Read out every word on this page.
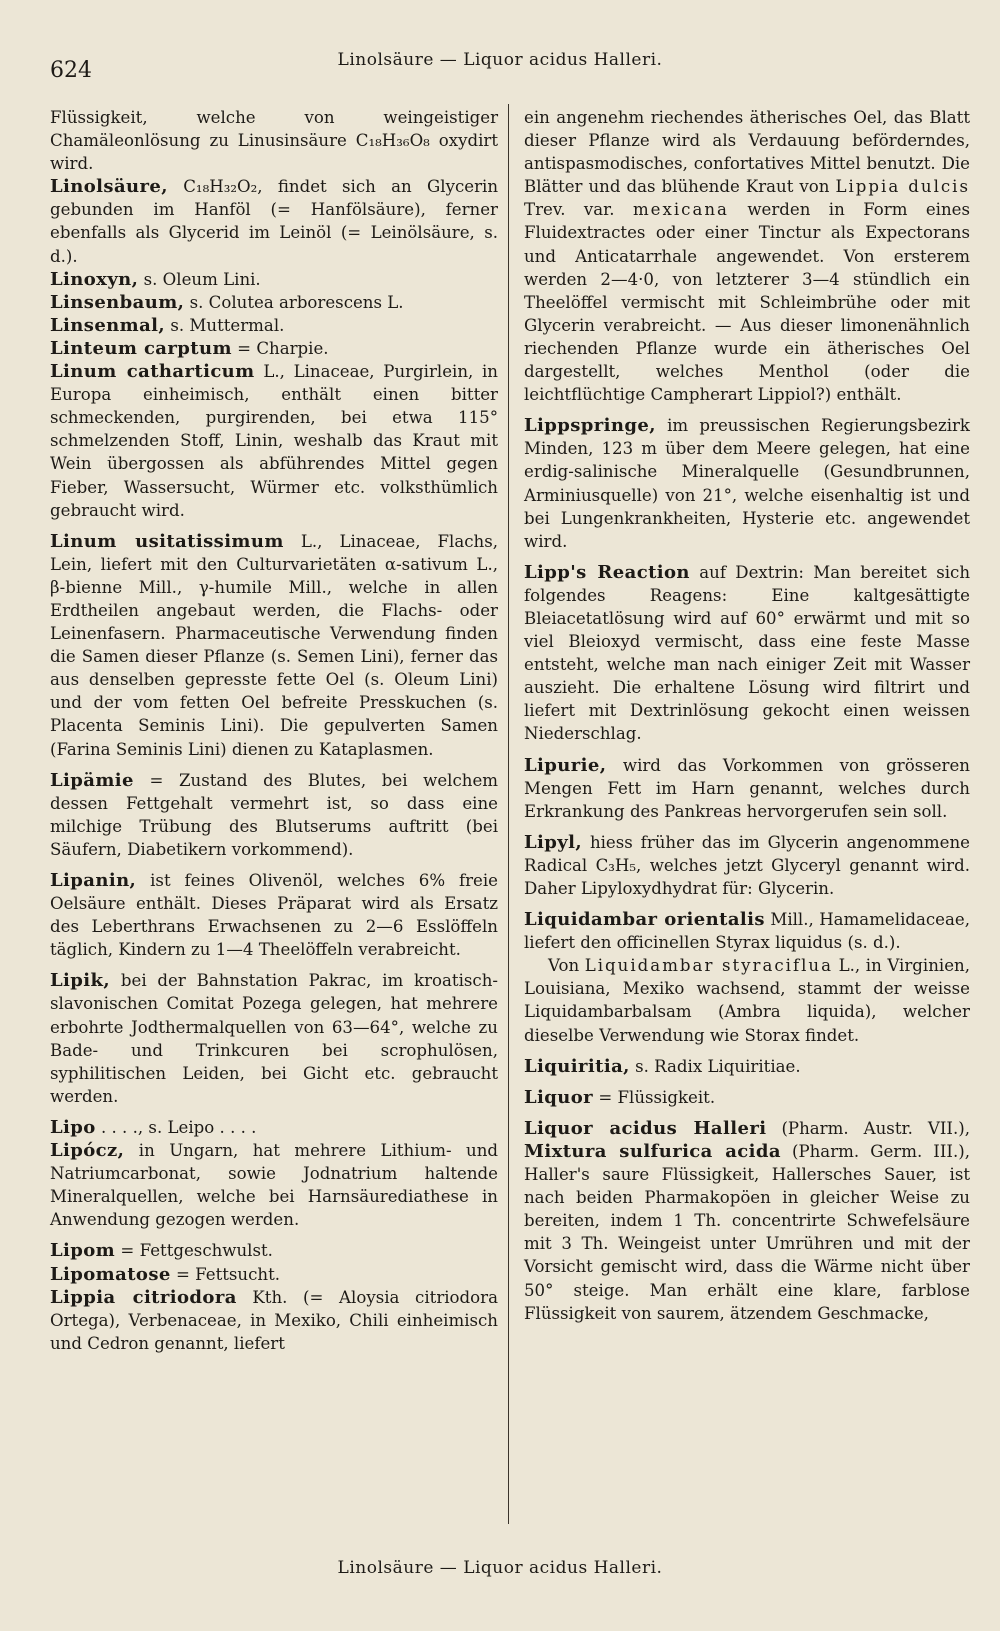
624	Linolsäure — Liquor acidus Halleri.

Flüssigkeit, welche von weingeistiger Chamäleonlösung zu Linusinsäure C₁₈H₃₆O₈ oxydirt wird.

Linolsäure, C₁₈H₃₂O₂, findet sich an Glycerin gebunden im Hanföl (= Hanfölsäure), ferner ebenfalls als Glycerid im Leinöl (= Leinölsäure, s. d.).

Linoxyn, s. Oleum Lini.

Linsenbaum, s. Colutea arborescens L.

Linsenmal, s. Muttermal.

Linteum carptum = Charpie.

Linum catharticum L., Linaceae, Purgirlein, in Europa einheimisch, enthält einen bitter schmeckenden, purgirenden, bei etwa 115° schmelzenden Stoff, Linin, weshalb das Kraut mit Wein übergossen als abführendes Mittel gegen Fieber, Wassersucht, Würmer etc. volksthümlich gebraucht wird.

Linum usitatissimum L., Linaceae, Flachs, Lein, liefert mit den Culturvarietäten α-sativum L., β-bienne Mill., γ-humile Mill., welche in allen Erdtheilen angebaut werden, die Flachs- oder Leinenfasern. Pharmaceutische Verwendung finden die Samen dieser Pflanze (s. Semen Lini), ferner das aus denselben gepresste fette Oel (s. Oleum Lini) und der vom fetten Oel befreite Presskuchen (s. Placenta Seminis Lini). Die gepulverten Samen (Farina Seminis Lini) dienen zu Kataplasmen.

Lipämie = Zustand des Blutes, bei welchem dessen Fettgehalt vermehrt ist, so dass eine milchige Trübung des Blutserums auftritt (bei Säufern, Diabetikern vorkommend).

Lipanin, ist feines Olivenöl, welches 6% freie Oelsäure enthält. Dieses Präparat wird als Ersatz des Leberthrans Erwachsenen zu 2—6 Esslöffeln täglich, Kindern zu 1—4 Theelöffeln verabreicht.

Lipik, bei der Bahnstation Pakrac, im kroatisch-slavonischen Comitat Pozega gelegen, hat mehrere erbohrte Jodthermalquellen von 63—64°, welche zu Bade- und Trinkcuren bei scrophulösen, syphilitischen Leiden, bei Gicht etc. gebraucht werden.

Lipo . . . ., s. Leipo . . . .

Lipócz, in Ungarn, hat mehrere Lithium- und Natriumcarbonat, sowie Jodnatrium haltende Mineralquellen, welche bei Harnsäurediathese in Anwendung gezogen werden.

Lipom = Fettgeschwulst.

Lipomatose = Fettsucht.

Lippia citriodora Kth. (= Aloysia citriodora Ortega), Verbenaceae, in Mexiko, Chili einheimisch und Cedron genannt, liefert

ein angenehm riechendes ätherisches Oel, das Blatt dieser Pflanze wird als Verdauung beförderndes, antispasmodisches, confortatives Mittel benutzt. Die Blätter und das blühende Kraut von Lippia dulcis Trev. var. mexicana werden in Form eines Fluidextractes oder einer Tinctur als Expectorans und Anticatarrhale angewendet. Von ersterem werden 2—4·0, von letzterer 3—4 stündlich ein Theelöffel vermischt mit Schleimbrühe oder mit Glycerin verabreicht. — Aus dieser limonenähnlich riechenden Pflanze wurde ein ätherisches Oel dargestellt, welches Menthol (oder die leichtflüchtige Campherart Lippiol?) enthält.

Lippspringe, im preussischen Regierungsbezirk Minden, 123 m über dem Meere gelegen, hat eine erdig-salinische Mineralquelle (Gesundbrunnen, Arminiusquelle) von 21°, welche eisenhaltig ist und bei Lungenkrankheiten, Hysterie etc. angewendet wird.

Lipp's Reaction auf Dextrin: Man bereitet sich folgendes Reagens: Eine kaltgesättigte Bleiacetatlösung wird auf 60° erwärmt und mit so viel Bleioxyd vermischt, dass eine feste Masse entsteht, welche man nach einiger Zeit mit Wasser auszieht. Die erhaltene Lösung wird filtrirt und liefert mit Dextrinlösung gekocht einen weissen Niederschlag.

Lipurie, wird das Vorkommen von grösseren Mengen Fett im Harn genannt, welches durch Erkrankung des Pankreas hervorgerufen sein soll.

Lipyl, hiess früher das im Glycerin angenommene Radical C₃H₅, welches jetzt Glyceryl genannt wird. Daher Lipyloxydhydrat für: Glycerin.

Liquidambar orientalis Mill., Hamamelidaceae, liefert den officinellen Styrax liquidus (s. d.).

Von Liquidambar styraciflua L., in Virginien, Louisiana, Mexiko wachsend, stammt der weisse Liquidambarbalsam (Ambra liquida), welcher dieselbe Verwendung wie Storax findet.

Liquiritia, s. Radix Liquiritiae.

Liquor = Flüssigkeit.

Liquor acidus Halleri (Pharm. Austr. VII.), Mixtura sulfurica acida (Pharm. Germ. III.), Haller's saure Flüssigkeit, Hallersches Sauer, ist nach beiden Pharmakopöen in gleicher Weise zu bereiten, indem 1 Th. concentrirte Schwefelsäure mit 3 Th. Weingeist unter Umrühren und mit der Vorsicht gemischt wird, dass die Wärme nicht über 50° steige. Man erhält eine klare, farblose Flüssigkeit von saurem, ätzendem Geschmacke,

Linolsäure — Liquor acidus Halleri.
